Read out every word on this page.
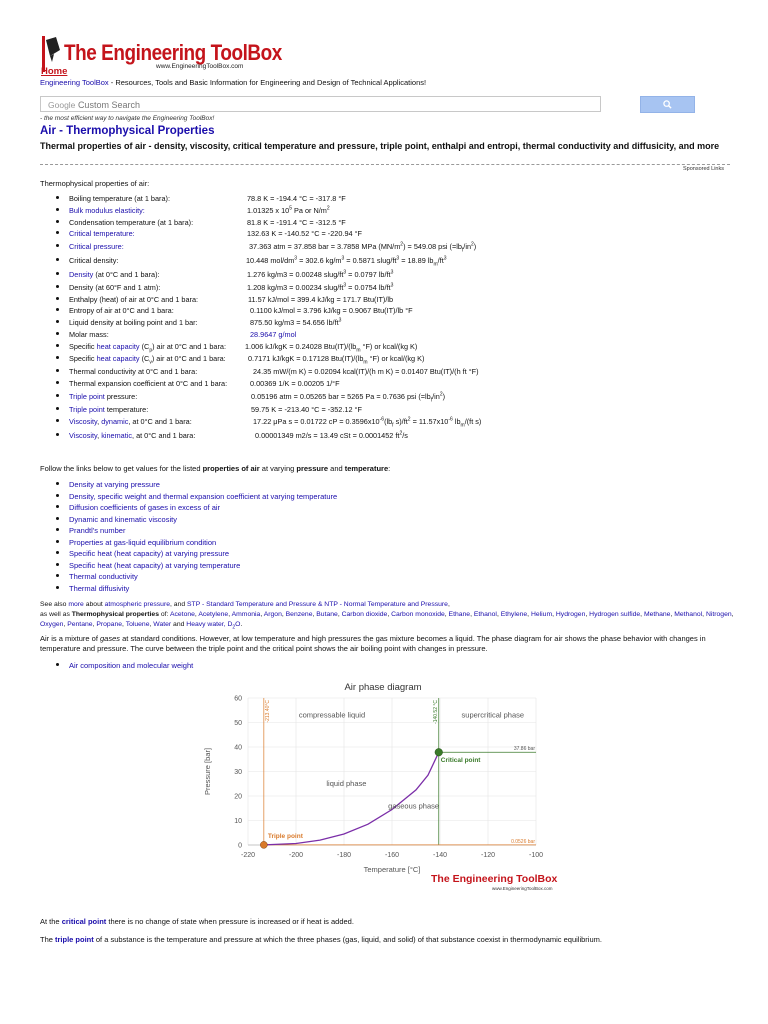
The Engineering ToolBox
www.EngineeringToolBox.com
Home
Engineering ToolBox - Resources, Tools and Basic Information for Engineering and Design of Technical Applications!
Google Custom Search
- the most efficient way to navigate the Engineering ToolBox!
Air - Thermophysical Properties
Thermal properties of air - density, viscosity, critical temperature and pressure, triple point, enthalpi and entropi, thermal conductivity and diffusicity, and more
Sponsored Links
Thermophysical properties of air:
Boiling temperature (at 1 bara):	78.8 K = -194.4 °C = -317.8 °F
Bulk modulus elasticity:	1.01325 x $10^5$ Pa or $N/m^2$
Condensation temperature (at 1 bara):	81.8 K = -191.4 °C = -312.5 °F
Critical temperature:	132.63 K = -140.52 °C = -220.94 °F
Critical pressure:	37.363 atm = 37.858 bar = 3.7858 MPa $(MN/m^2) = 549.08$ psi $(=lb_f/in^2)$
Critical density:	10.448 mol/$dm^3 = 302.6$ $kg/m^3 = 0.5871$ slug/$ft^3 = 18.89$ $lb_m/ft^3$
Density (at 0°C and 1 bara):	1.276 kg/m3 = 0.00248 slug/$ft^3 = 0.0797$ $lb/ft^3$
Density (at 60°F and 1 atm):	1.208 kg/m3 = 0.00234 slug/$ft^3 = 0.0754$ $lb/ft^3$
Enthalpy (heat) of air at 0°C and 1 bara:	11.57 kJ/mol = 399.4 kJ/kg = 171.7 Btu(IT)/lb
Entropy of air at 0°C and 1 bara:	0.1100 kJ/mol = 3.796 kJ/kg = 0.9067 Btu(IT)/lb °F
Liquid density at boiling point and 1 bar:	875.50 kg/m3 = 54.656 $lb/ft^3$
Molar mass:	28.9647 g/mol
Specific heat capacity $(C_p)$ air at 0°C and 1 bara:	1.006 kJ/kgK = 0.24028 $Btu(IT)/(lb_m$ °F) or kcal/(kg K)
Specific heat capacity $(C_v)$ air at 0°C and 1 bara:	0.7171 kJ/kgK = 0.17128 $Btu(IT)/(lb_m$ °F) or kcal/(kg K)
Thermal conductivity at 0°C and 1 bara:	24.35 mW/(m K) = 0.02094 kcal(IT)/(h m K) = 0.01407 Btu(IT)/(h ft °F)
Thermal expansion coefficient at 0°C and 1 bara:	0.00369 1/K = 0.00205 1/°F
Triple point pressure:	0.05196 atm = 0.05265 bar = 5265 Pa = 0.7636 psi $(=lb_f/in^2)$
Triple point temperature:	59.75 K = -213.40 °C = -352.12 °F
Viscosity, dynamic, at 0°C and 1 bara:	17.22 μPa s = 0.01722 cP = $0.3596x10^{-6}(lb_f$ $s)/ft^2 = 11.57x10^{-6}$ $lb_m/(ft$ s)
Viscosity, kinematic, at 0°C and 1 bara:	0.00001349 m2/s = 13.49 cSt = 0.0001452 $ft^2/s$
Follow the links below to get values for the listed properties of air at varying pressure and temperature:
Density at varying pressure
Density, specific weight and thermal expansion coefficient at varying temperature
Diffusion coefficients of gases in excess of air
Dynamic and kinematic viscosity
Prandtl's number
Properties at gas-liquid equilibrium condition
Specific heat (heat capacity) at varying pressure
Specific heat (heat capacity) at varying temperature
Thermal conductivity
Thermal diffusivity
See also more about atmospheric pressure, and STP - Standard Temperature and Pressure & NTP - Normal Temperature and Pressure,
as well as Thermophysical properties of: Acetone, Acetylene, Ammonia, Argon, Benzene, Butane, Carbon dioxide, Carbon monoxide, Ethane, Ethanol, Ethylene, Helium, Hydrogen, Hydrogen sulfide, Methane, Methanol, Nitrogen, Oxygen, Pentane, Propane, Toluene, Water and Heavy water, $D_2O$.
Air is a mixture of gases at standard conditions. However, at low temperature and high pressures the gas mixture becomes a liquid. The phase diagram for air shows the phase behavior with changes in temperature and pressure. The curve between the triple point and the critical point shows the air boiling point with changes in pressure.
Air composition and molecular weight
Air phase diagram
0
10
20
30
40
50
60
-220	-200	-180	-160	-140	-120	-100
Temperature [°C]
Pressure [bar]
Triple point
Critical point
compressable liquid	supercritical phase
liquid phase
gaseous phase
-213.40°C	-140.52 °C
37.86 bar
0.0526 bar
The Engineering ToolBox
www.EngineeringToolBox.com
At the critical point there is no change of state when pressure is increased or if heat is added.
The triple point of a substance is the temperature and pressure at which the three phases (gas, liquid, and solid) of that substance coexist in thermodynamic equilibrium.
